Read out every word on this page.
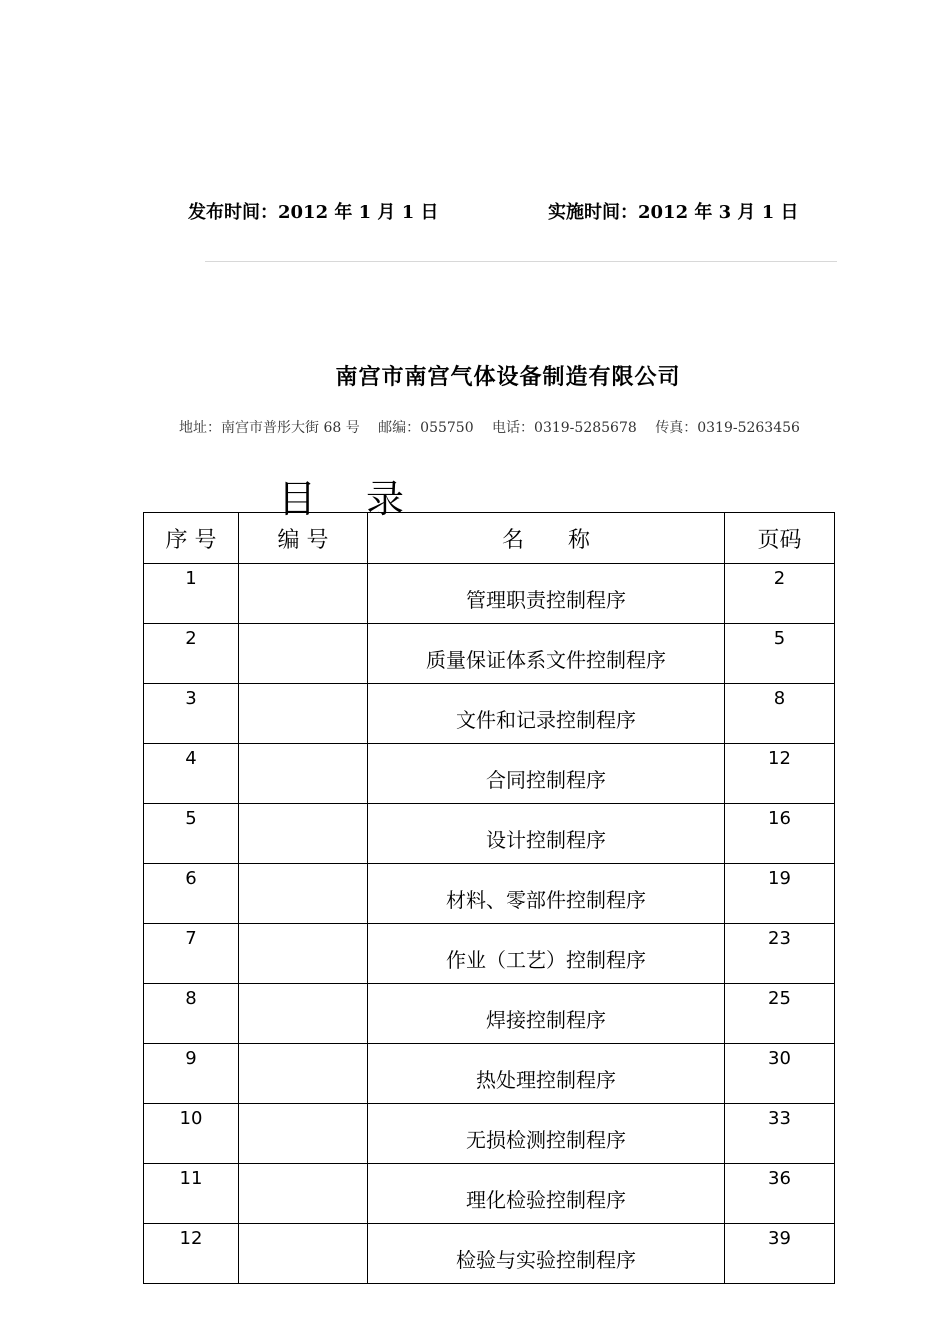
发布时间：2012 年 1 月 1 日	实施时间：2012 年 3 月 1 日
南宫市南宫气体设备制造有限公司
地址：南宫市普彤大街 68 号　 邮编：055750　 电话：0319-5285678　 传真：0319-5263456
目 录
序 号	编 号	名　　称	页码
1		管理职责控制程序	2
2		质量保证体系文件控制程序	5
3		文件和记录控制程序	8
4		合同控制程序	12
5		设计控制程序	16
6		材料、零部件控制程序	19
7		作业（工艺）控制程序	23
8		焊接控制程序	25
9		热处理控制程序	30
10		无损检测控制程序	33
11		理化检验控制程序	36
12		检验与实验控制程序	39
